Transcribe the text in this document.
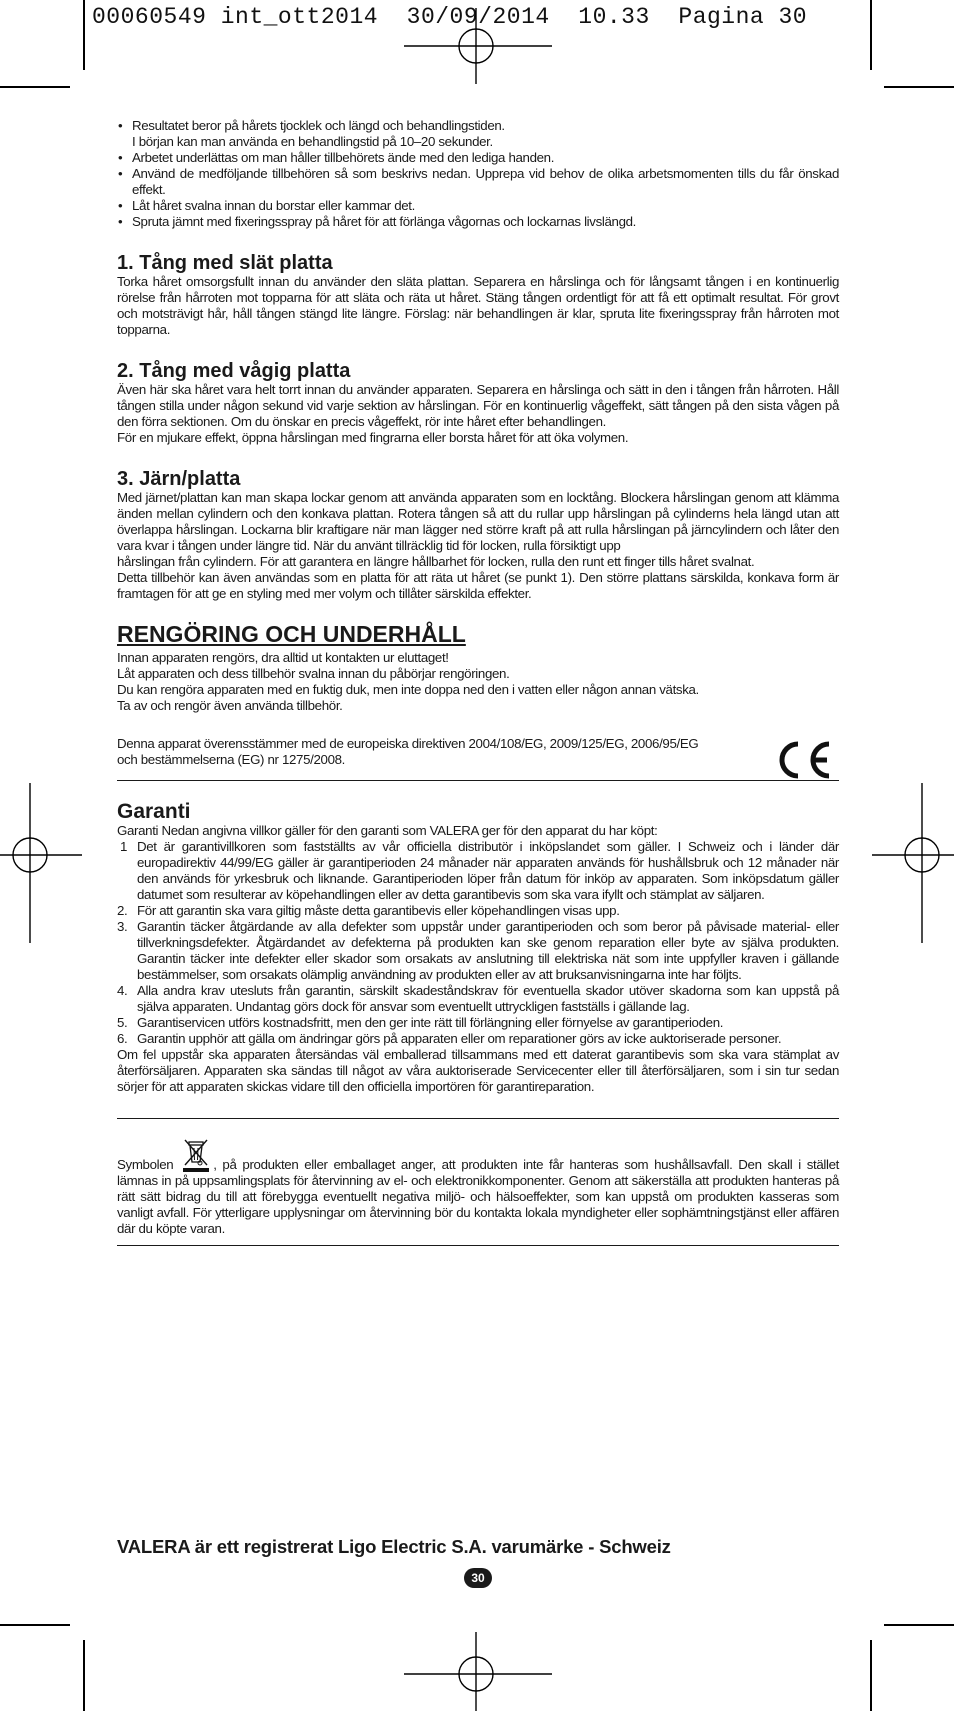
00060549 int_ott2014  30/09/2014  10.33  Pagina 30
• Resultatet beror på hårets tjocklek och längd och behandlingstiden.
I början kan man använda en behandlingstid på 10–20 sekunder.
• Arbetet underlättas om man håller tillbehörets ände med den lediga handen.
• Använd de medföljande tillbehören så som beskrivs nedan. Upprepa vid behov de olika arbetsmomenten tills du får önskad effekt.
• Låt håret svalna innan du borstar eller kammar det.
• Spruta jämnt med fixeringsspray på håret för att förlänga vågornas och lockarnas livslängd.
1. Tång med slät platta

Torka håret omsorgsfullt innan du använder den släta plattan. Separera en hårslinga och för långsamt tången i en kontinuerlig rörelse från hårroten mot topparna för att släta och räta ut håret. Stäng tången ordentligt för att få ett optimalt resultat. För grovt och motsträvigt hår, håll tången stängd lite längre. Förslag: när behandlingen är klar, spruta lite fixeringsspray från hårroten mot topparna.

2. Tång med vågig platta

Även här ska håret vara helt torrt innan du använder apparaten. Separera en hårslinga och sätt in den i tången från hårroten. Håll tången stilla under någon sekund vid varje sektion av hårslingan. För en kontinuerlig vågeffekt, sätt tången på den sista vågen på den förra sektionen. Om du önskar en precis vågeffekt, rör inte håret efter behandlingen.

För en mjukare effekt, öppna hårslingan med fingrarna eller borsta håret för att öka volymen.

3. Järn/platta

Med järnet/plattan kan man skapa lockar genom att använda apparaten som en locktång. Blockera hårslingan genom att klämma änden mellan cylindern och den konkava plattan. Rotera tången så att du rullar upp hårslingan på cylinderns hela längd utan att överlappa hårslingan. Lockarna blir kraftigare när man lägger ned större kraft på att rulla hårslingan på järncylindern och låter den vara kvar i tången under längre tid. När du använt tillräcklig tid för locken, rulla försiktigt upp

hårslingan från cylindern. För att garantera en längre hållbarhet för locken, rulla den runt ett finger tills håret svalnat.

Detta tillbehör kan även användas som en platta för att räta ut håret (se punkt 1). Den större plattans särskilda, konkava form är framtagen för att ge en styling med mer volym och tillåter särskilda effekter.

RENGÖRING OCH UNDERHÅLL

Innan apparaten rengörs, dra alltid ut kontakten ur eluttaget!

Låt apparaten och dess tillbehör svalna innan du påbörjar rengöringen.

Du kan rengöra apparaten med en fuktig duk, men inte doppa ned den i vatten eller någon annan vätska.

Ta av och rengör även använda tillbehör.

Denna apparat överensstämmer med de europeiska direktiven 2004/108/EG, 2009/125/EG, 2006/95/EG och bestämmelserna (EG) nr 1275/2008.

Garanti

Garanti Nedan angivna villkor gäller för den garanti som VALERA ger för den apparat du har köpt:

1 Det är garantivillkoren som fastställts av vår officiella distributör i inköpslandet som gäller. I Schweiz och i länder där europadirektiv 44/99/EG gäller är garantiperioden 24 månader när apparaten används för hushållsbruk och 12 månader när den används för yrkesbruk och liknande. Garantiperioden löper från datum för inköp av apparaten. Som inköpsdatum gäller datumet som resulterar av köpehandlingen eller av detta garantibevis som ska vara ifyllt och stämplat av säljaren.
2. För att garantin ska vara giltig måste detta garantibevis eller köpehandlingen visas upp.
3. Garantin täcker åtgärdande av alla defekter som uppstår under garantiperioden och som beror på påvisade material- eller tillverkningsdefekter. Åtgärdandet av defekterna på produkten kan ske genom reparation eller byte av själva produkten. Garantin täcker inte defekter eller skador som orsakats av anslutning till elektriska nät som inte uppfyller kraven i gällande bestämmelser, som orsakats olämplig användning av produkten eller av att bruksanvisningarna inte har följts.
4. Alla andra krav utesluts från garantin, särskilt skadeståndskrav för eventuella skador utöver skadorna som kan uppstå på själva apparaten. Undantag görs dock för ansvar som eventuellt uttryckligen fastställs i gällande lag.
5. Garantiservicen utförs kostnadsfritt, men den ger inte rätt till förlängning eller förnyelse av garantiperioden.
6. Garantin upphör att gälla om ändringar görs på apparaten eller om reparationer görs av icke auktoriserade personer.

Om fel uppstår ska apparaten återsändas väl emballerad tillsammans med ett daterat garantibevis som ska vara stämplat av återförsäljaren. Apparaten ska sändas till något av våra auktoriserade Servicecenter eller till återförsäljaren, som i sin tur sedan sörjer för att apparaten skickas vidare till den officiella importören för garantireparation.

Symbolen	, på produkten eller emballaget anger, att produkten inte får hanteras som hushållsavfall. Den skall i stället lämnas in på uppsamlingsplats för återvinning av el- och elektronikkomponenter. Genom att säkerställa att produkten hanteras på rätt sätt bidrag du till att förebygga eventuellt negativa miljö- och hälsoeffekter, som kan uppstå om produkten kasseras som vanligt avfall. För ytterligare upplysningar om återvinning bör du kontakta lokala myndigheter eller sophämtningstjänst eller affären där du köpte varan.
VALERA är ett registrerat Ligo Electric S.A. varumärke - Schweiz
30
